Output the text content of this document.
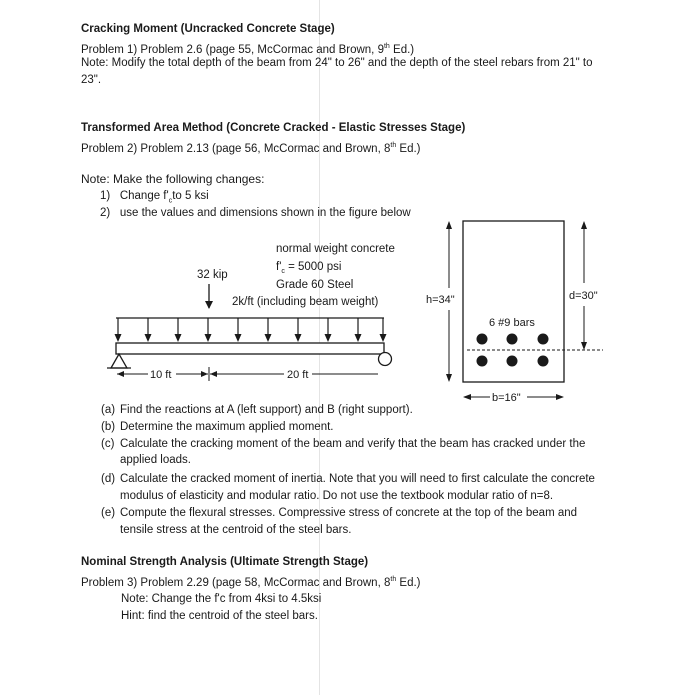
Cracking Moment (Uncracked Concrete Stage)
Problem 1) Problem 2.6 (page 55, McCormac and Brown, 9th Ed.)
Note: Modify the total depth of the beam from 24" to 26" and the depth of the steel rebars from 21" to
23".
Transformed Area Method (Concrete Cracked - Elastic Stresses Stage)
Problem 2) Problem 2.13 (page 56, McCormac and Brown, 8th Ed.)
Note: Make the following changes:
1) Change $f'_cto$ 5 ksi
2) use the values and dimensions shown in the figure below
normal weight concrete
$f'_c = 5000$ psi
Grade 60 Steel
32 kip
2k/ft (including beam weight)
10 ft	20 ft
6 #9 bars
h=34"	d=30"
b=16"
(a) Find the reactions at A (left support) and B (right support).
(b) Determine the maximum applied moment.
(c) Calculate the cracking moment of the beam and verify that the beam has cracked under the
applied loads.
(d) Calculate the cracked moment of inertia. Note that you will need to first calculate the concrete
modulus of elasticity and modular ratio. Do not use the textbook modular ratio of n=8.
(e) Compute the flexural stresses. Compressive stress of concrete at the top of the beam and
tensile stress at the centroid of the steel bars.
Nominal Strength Analysis (Ultimate Strength Stage)
Problem 3) Problem 2.29 (page 58, McCormac and Brown, 8th Ed.)
Note: Change the f'c from 4ksi to 4.5ksi
Hint: find the centroid of the steel bars.
